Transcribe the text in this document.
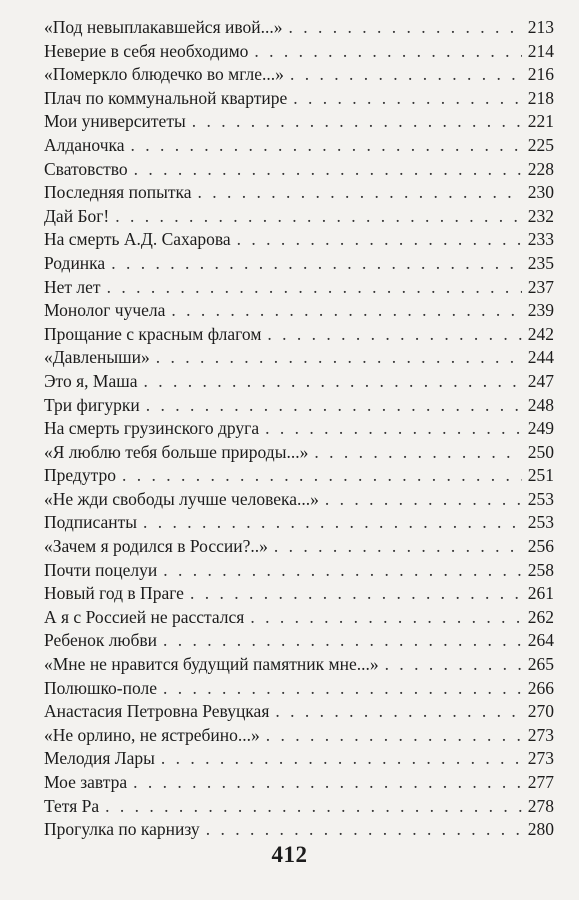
«Под невыплакавшейся ивой...» . . .	213
Неверие в себя необходимо . . .	214
«Померкло блюдечко во мгле...» . . .	216
Плач по коммунальной квартире . . .	218
Мои университеты . . .	221
Алданочка . . .	225
Сватовство . . .	228
Последняя попытка . . .	230
Дай Бог! . . .	232
На смерть А.Д. Сахарова . . .	233
Родинка . . .	235
Нет лет . . .	237
Монолог чучела . . .	239
Прощание с красным флагом . . .	242
«Давленыши» . . .	244
Это я, Маша . . .	247
Три фигурки . . .	248
На смерть грузинского друга . . .	249
«Я люблю тебя больше природы...» . . .	250
Предутро . . .	251
«Не жди свободы лучше человека...» . . .	253
Подписанты . . .	253
«Зачем я родился в России?..» . . .	256
Почти поцелуи . . .	258
Новый год в Праге . . .	261
А я с Россией не расстался . . .	262
Ребенок любви . . .	264
«Мне не нравится будущий памятник мне...» . . .	265
Полюшко-поле . . .	266
Анастасия Петровна Ревуцкая . . .	270
«Не орлино, не ястребино...» . . .	273
Мелодия Лары . . .	273
Мое завтра . . .	277
Тетя Ра . . .	278
Прогулка по карнизу . . .	280
412
